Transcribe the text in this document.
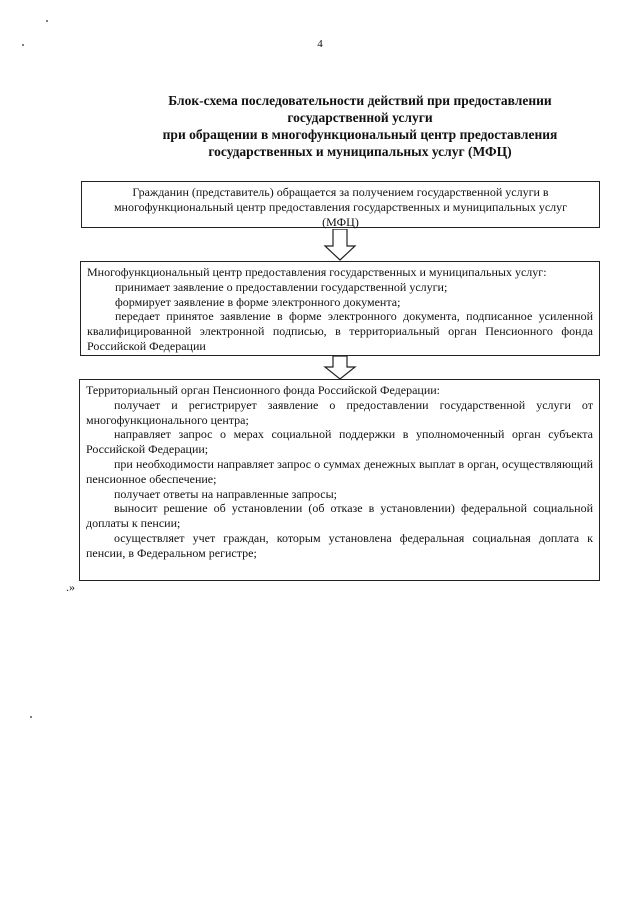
4
Блок-схема последовательности действий при предоставлении
государственной услуги
при обращении в многофункциональный центр предоставления
государственных и муниципальных услуг (МФЦ)

Гражданин (представитель) обращается за получением государственной услуги в

многофункциональный центр предоставления государственных и муниципальных услуг

(МФЦ)

Многофункциональный центр предоставления государственных и муниципальных услуг:

принимает заявление о предоставлении государственной услуги;

формирует заявление в форме электронного документа;

передает принятое заявление в форме электронного документа, подписанное усиленной квалифицированной электронной подписью, в территориальный орган Пенсионного фонда Российской Федерации

Территориальный орган Пенсионного фонда Российской Федерации:

получает и регистрирует заявление о предоставлении государственной услуги от многофункционального центра;

направляет запрос о мерах социальной поддержки в уполномоченный орган субъекта Российской Федерации;

при необходимости направляет запрос о суммах денежных выплат в орган, осуществляющий пенсионное обеспечение;

получает ответы на направленные запросы;

выносит решение об установлении (об отказе в установлении) федеральной социальной доплаты к пенсии;

осуществляет учет граждан, которым установлена федеральная социальная доплата к пенсии, в Федеральном регистре;

.»
